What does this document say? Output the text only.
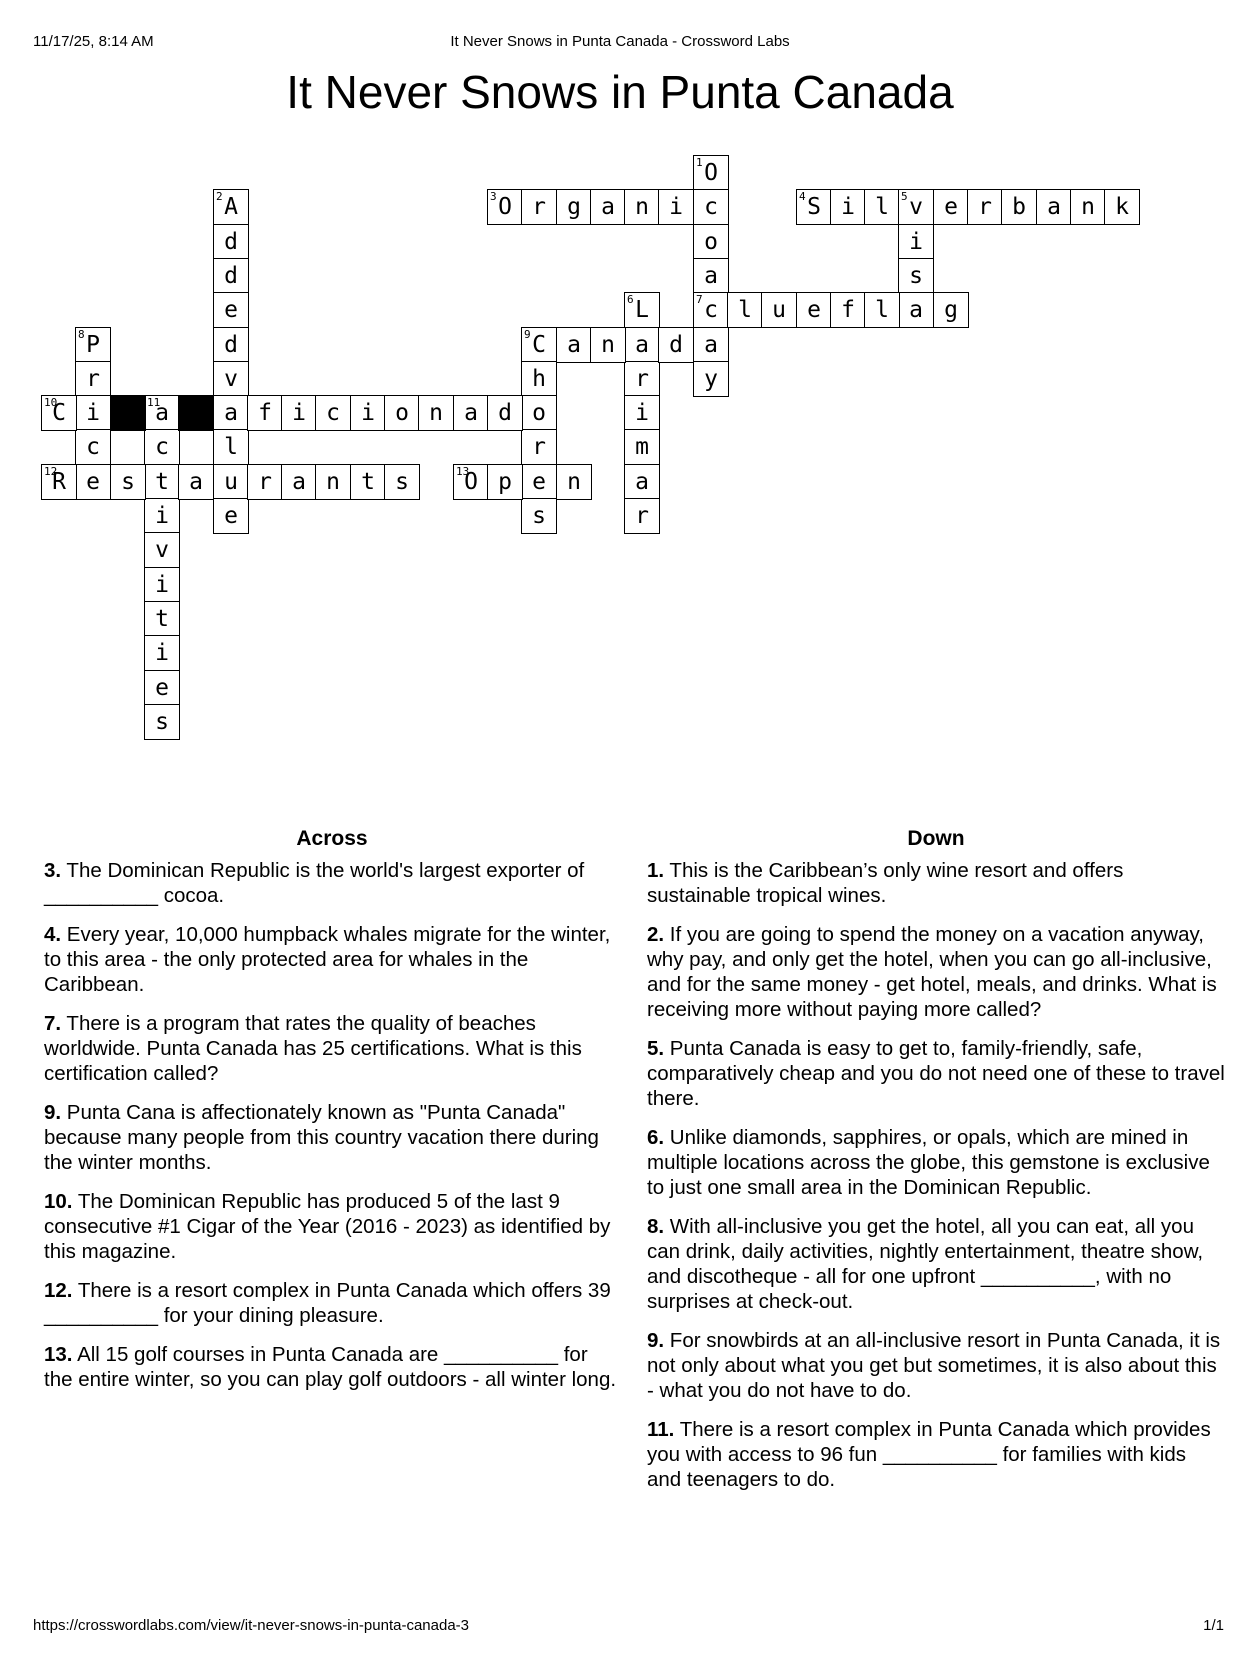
11/17/25, 8:14 AM	It Never Snows in Punta Canada - Crossword Labs
It Never Snows in Punta Canada
1 O
c
o
a
7 c
a
y
2 A
d
d
e
d
v
a
l
u
e
3 O r g a n i	4 S i l	5 v e r b a n k
i
s
a
6 L
a
r
i
m
a
r
l u e f l	g
8 P
r
i
c
e
9 C a n	d
h
o
r
e
s
10
C	11
a	f i c i o n a d
c
t
i
v
i
t
i
e
s
12
R	s	a	r a n t s	13
O p	n
Across

3. The Dominican Republic is the world's largest exporter of __________ cocoa.

4. Every year, 10,000 humpback whales migrate for the winter, to this area - the only protected area for whales in the Caribbean.

7. There is a program that rates the quality of beaches worldwide. Punta Canada has 25 certifications. What is this certification called?

9. Punta Cana is affectionately known as "Punta Canada" because many people from this country vacation there during the winter months.

10. The Dominican Republic has produced 5 of the last 9 consecutive #1 Cigar of the Year (2016 - 2023) as identified by this magazine.

12. There is a resort complex in Punta Canada which offers 39 __________ for your dining pleasure.

13. All 15 golf courses in Punta Canada are __________ for the entire winter, so you can play golf outdoors - all winter long.

Down

1. This is the Caribbean’s only wine resort and offers sustainable tropical wines.

2. If you are going to spend the money on a vacation anyway, why pay, and only get the hotel, when you can go all-inclusive, and for the same money - get hotel, meals, and drinks. What is receiving more without paying more called?

5. Punta Canada is easy to get to, family-friendly, safe, comparatively cheap and you do not need one of these to travel there.

6. Unlike diamonds, sapphires, or opals, which are mined in multiple locations across the globe, this gemstone is exclusive to just one small area in the Dominican Republic.

8. With all-inclusive you get the hotel, all you can eat, all you can drink, daily activities, nightly entertainment, theatre show, and discotheque - all for one upfront __________, with no surprises at check-out.

9. For snowbirds at an all-inclusive resort in Punta Canada, it is not only about what you get but sometimes, it is also about this - what you do not have to do.

11. There is a resort complex in Punta Canada which provides you with access to 96 fun __________ for families with kids and teenagers to do.

https://crosswordlabs.com/view/it-never-snows-in-punta-canada-3	1/1
